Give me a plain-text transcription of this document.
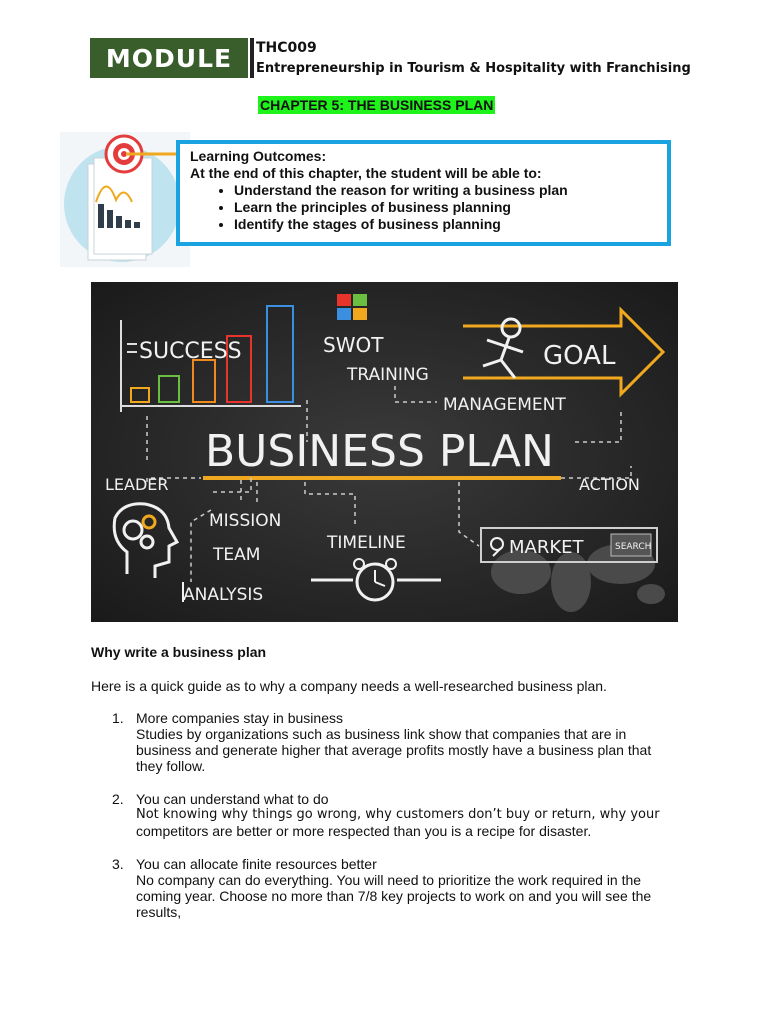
MODULE	THC009
Entrepreneurship in Tourism & Hospitality with Franchising
CHAPTER 5: THE BUSINESS PLAN
Learning Outcomes:
At the end of this chapter, the student will be able to:
• Understand the reason for writing a business plan
• Learn the principles of business planning
• Identify the stages of business planning
SUCCESS	SWOT
TRAINING
GOAL
MANAGEMENT
BUSINESS PLAN
LEADER	ACTION
MISSION
TEAM
ANALYSIS
TIMELINE	MARKET	SEARCH
Why write a business plan
Here is a quick guide as to why a company needs a well-researched business plan.
1. More companies stay in business
Studies by organizations such as business link show that companies that are in business and generate higher that average profits mostly have a business plan that they follow.
2. You can understand what to do
Not knowing why things go wrong, why customers don’t buy or return, why your
competitors are better or more respected than you is a recipe for disaster.
3. You can allocate finite resources better
No company can do everything. You will need to prioritize the work required in the coming year. Choose no more than 7/8 key projects to work on and you will see the results,
